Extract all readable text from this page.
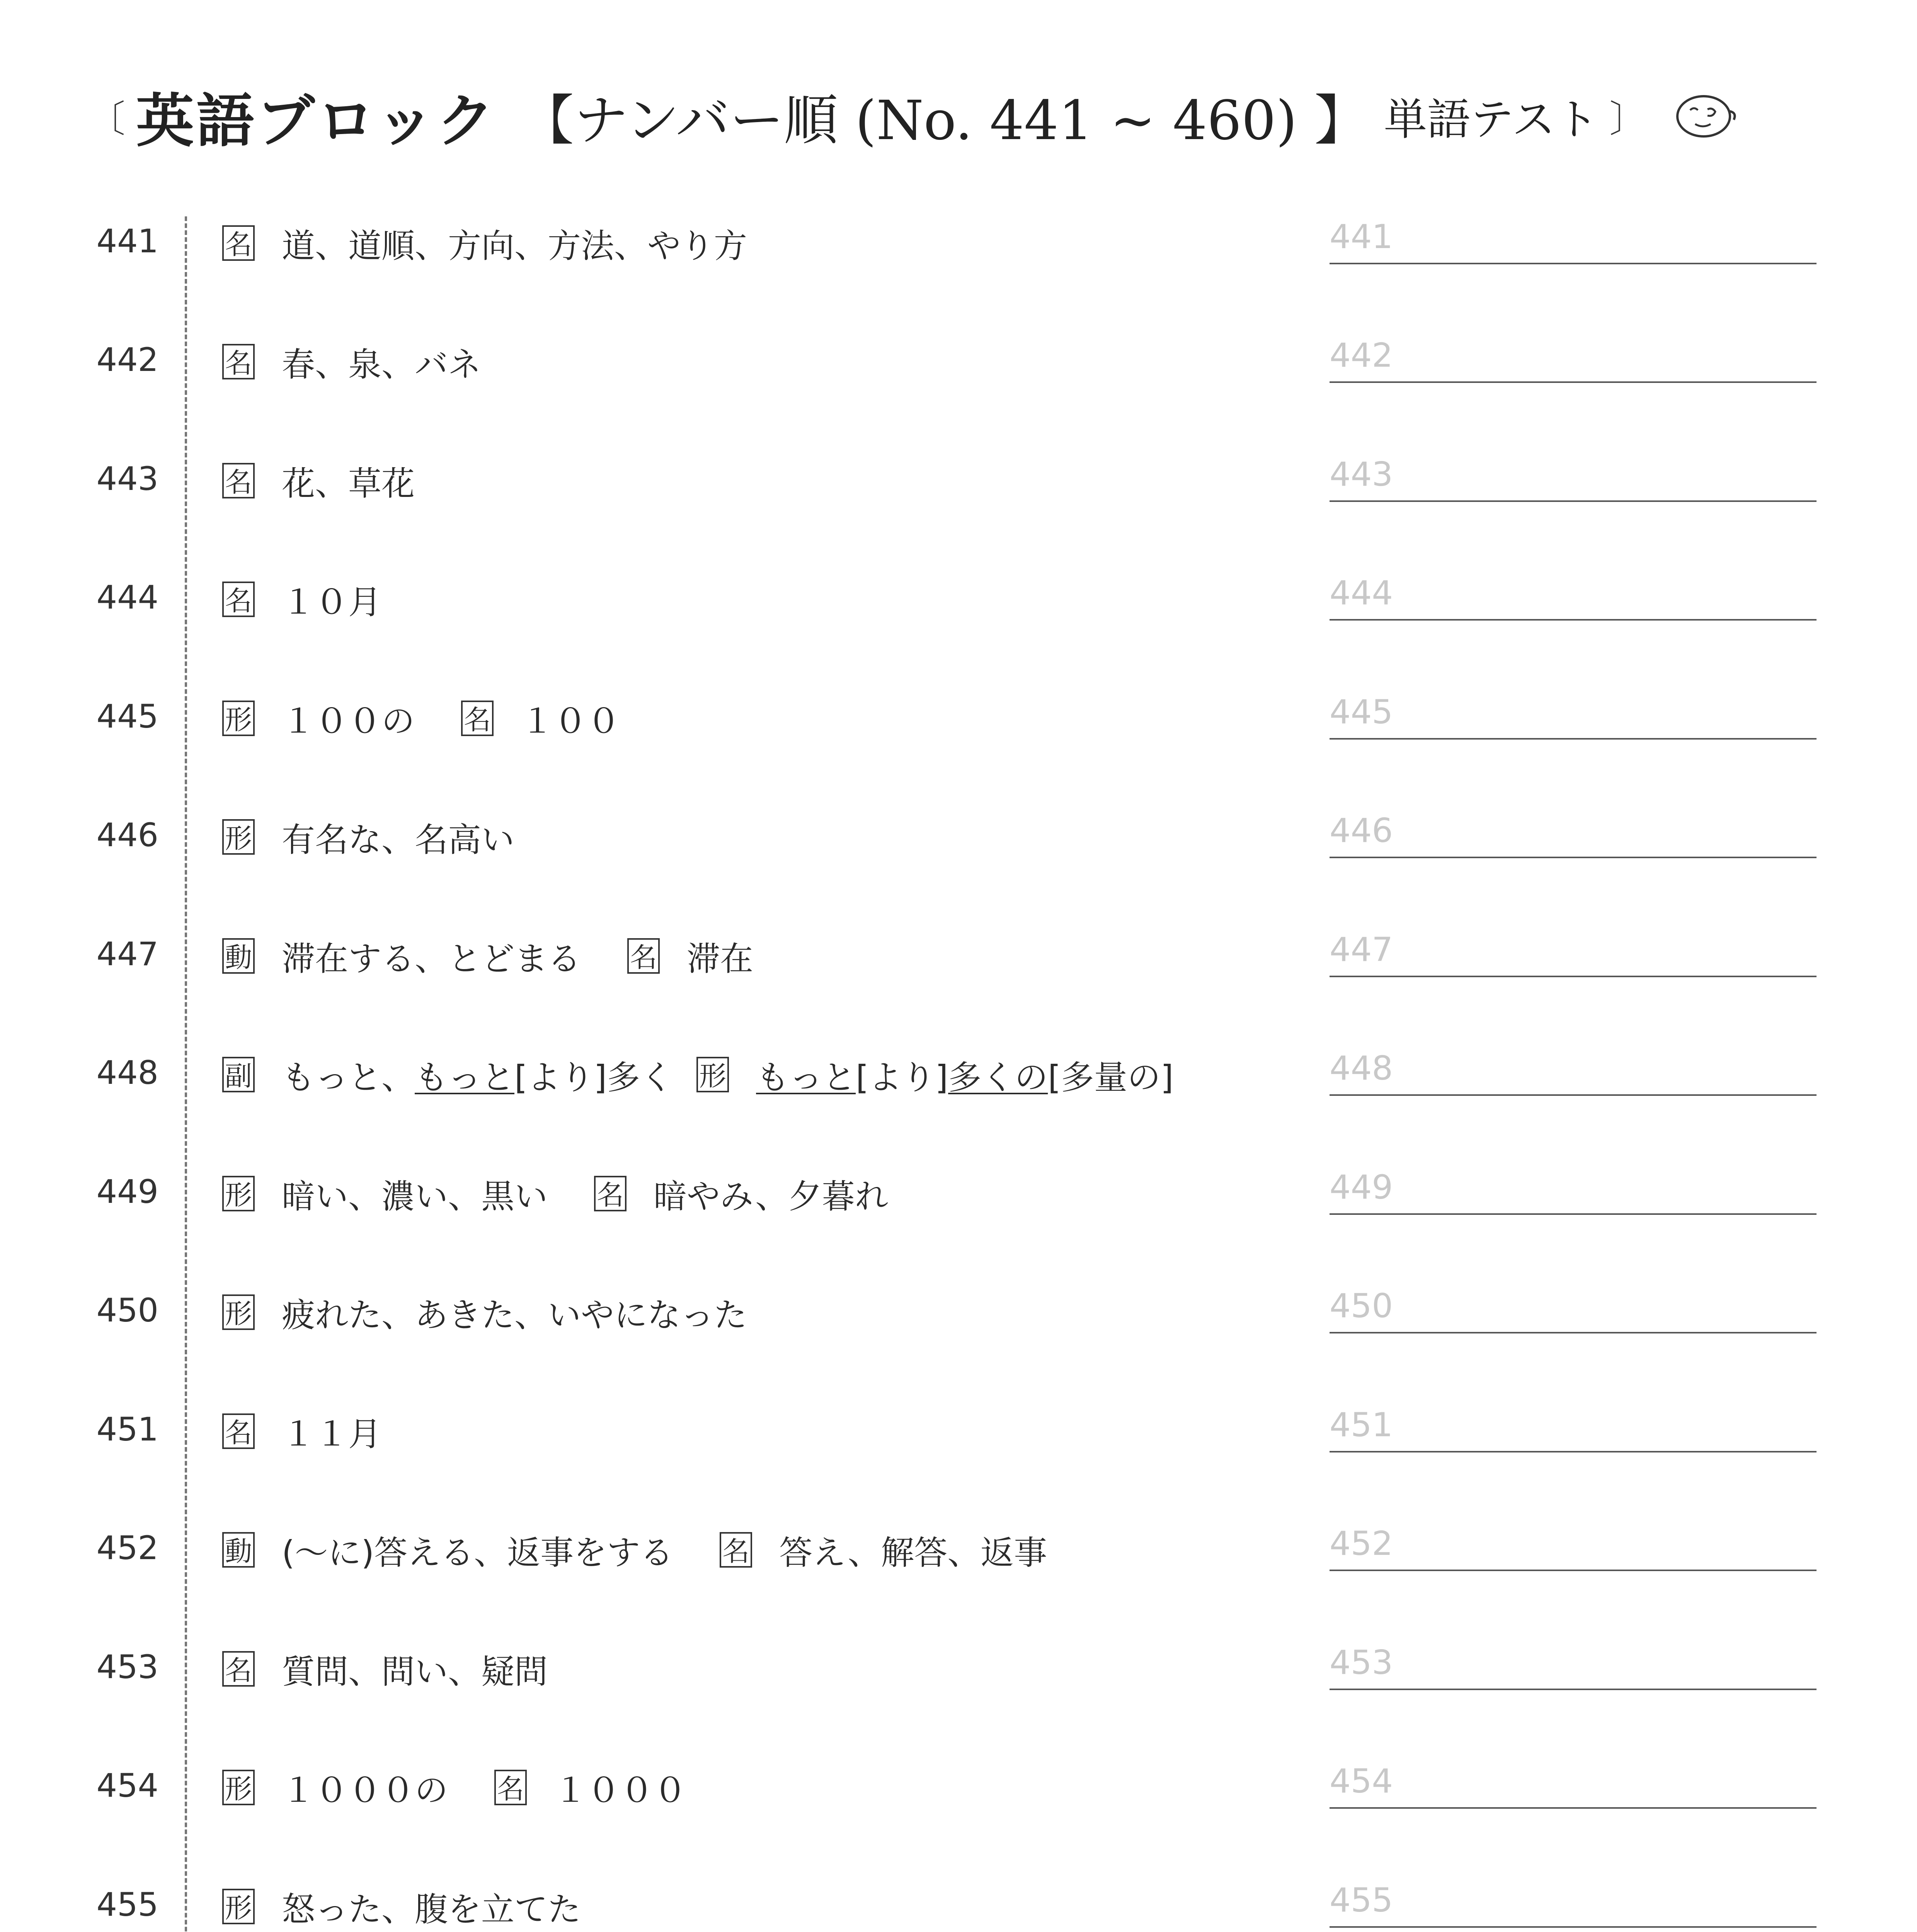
〔 英語ブロック 【ナンバー順 (No. 441 ~ 460) 】 単語テスト 〕
441 名 道、道順、方向、方法、やり方	441
442 名 春、泉、バネ	442
443 名 花、草花	443
444 名 １０月	444
445 形 １００の 名 １００	445
446 形 有名な、名高い	446
447 動 滞在する、とどまる 名 滞在	447
448 副 もっと、 もっと [より]多く 形 もっと [より] 多くの [多量の]	448
449 形 暗い、濃い、黒い 名 暗やみ、夕暮れ	449
450 形 疲れた、あきた、いやになった	450
451 名 １１月	451
452 動 (～に)答える、返事をする 名 答え、解答、返事	452
453 名 質問、問い、疑問	453
454 形 １０００の 名 １０００	454
455 形 怒った、腹を立てた	455
